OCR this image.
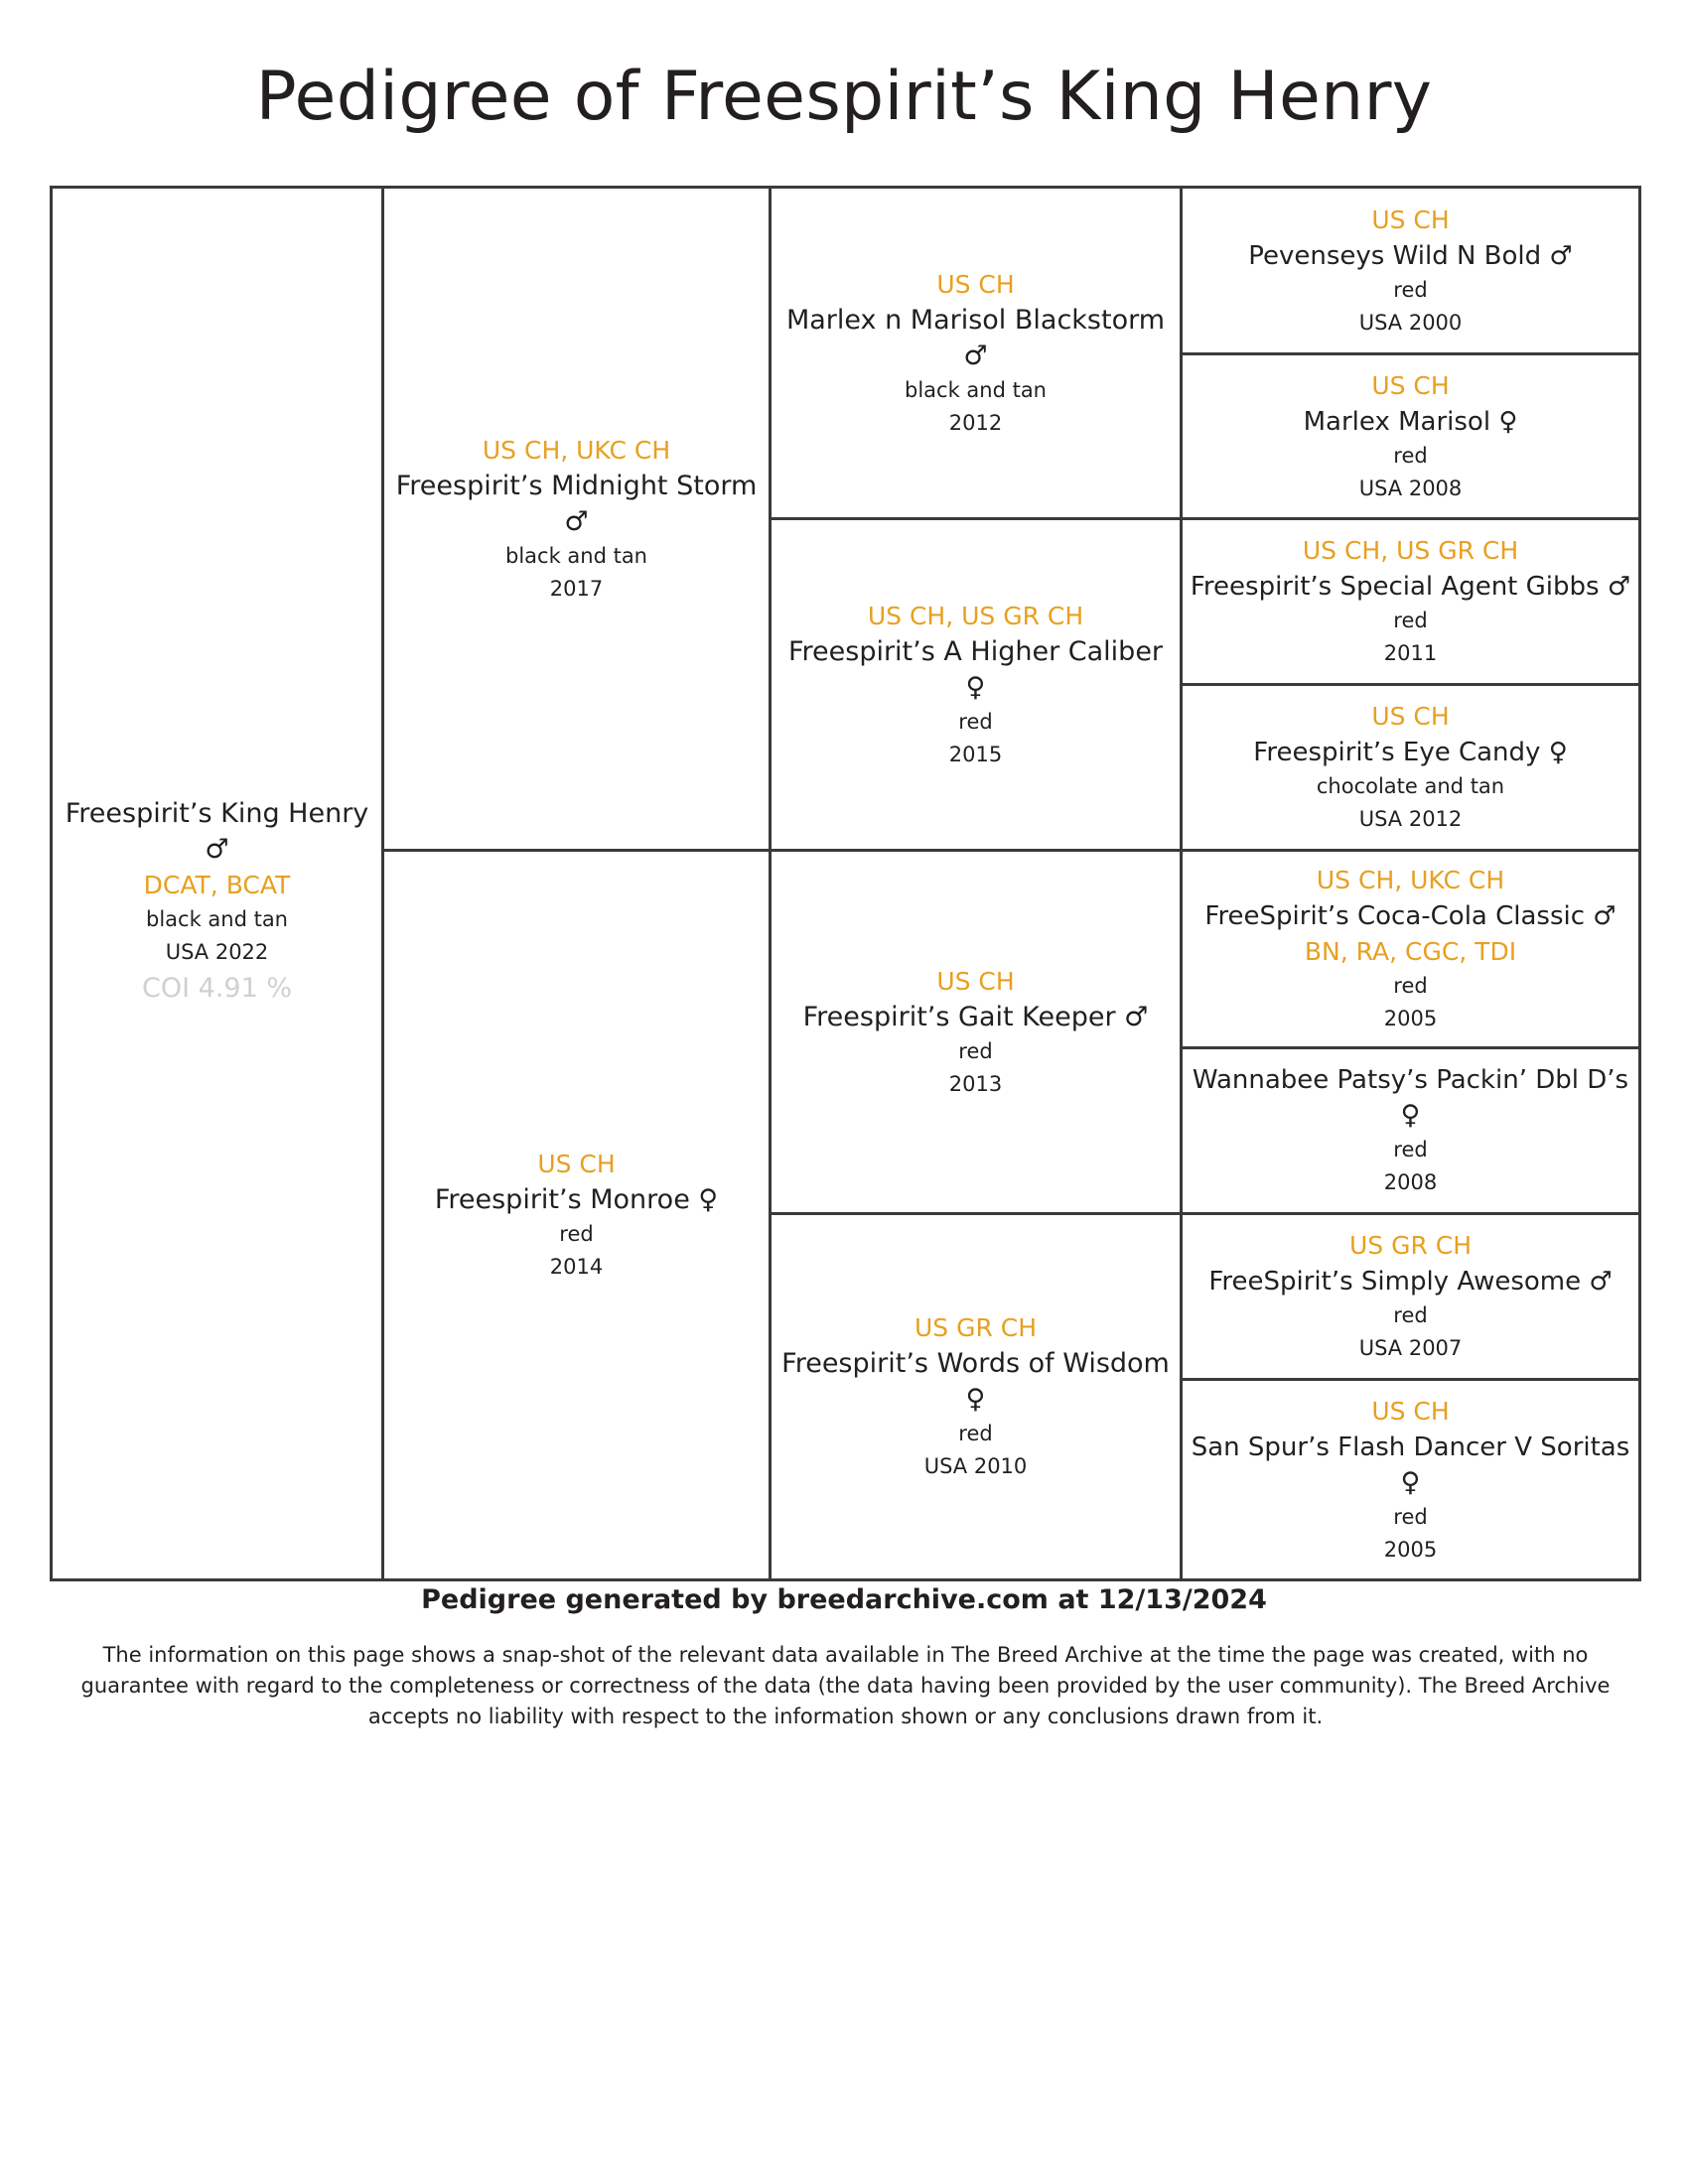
Pedigree of Freespirit’s King Henry
Freespirit’s King Henry
♂
DCAT, BCAT
black and tan
USA 2022
COI 4.91 %
US CH, UKC CH
Freespirit’s Midnight Storm
♂
black and tan
2017
US CH
Freespirit’s Monroe ♀
red
2014
US CH
Marlex n Marisol Blackstorm
♂
black and tan
2012
US CH, US GR CH
Freespirit’s A Higher Caliber
♀
red
2015
US CH
Freespirit’s Gait Keeper ♂
red
2013
US GR CH
Freespirit’s Words of Wisdom
♀
red
USA 2010
US CH
Pevenseys Wild N Bold ♂
red
USA 2000
US CH
Marlex Marisol ♀
red
USA 2008
US CH, US GR CH
Freespirit’s Special Agent Gibbs ♂
red
2011
US CH
Freespirit’s Eye Candy ♀
chocolate and tan
USA 2012
US CH, UKC CH
FreeSpirit’s Coca-Cola Classic ♂
BN, RA, CGC, TDI
red
2005
Wannabee Patsy’s Packin’ Dbl D’s
♀
red
2008
US GR CH
FreeSpirit’s Simply Awesome ♂
red
USA 2007
US CH
San Spur’s Flash Dancer V Soritas
♀
red
2005
Pedigree generated by breedarchive.com at 12/13/2024
The information on this page shows a snap-shot of the relevant data available in The Breed Archive at the time the page was created, with no guarantee with regard to the completeness or correctness of the data (the data having been provided by the user community). The Breed Archive accepts no liability with respect to the information shown or any conclusions drawn from it.
